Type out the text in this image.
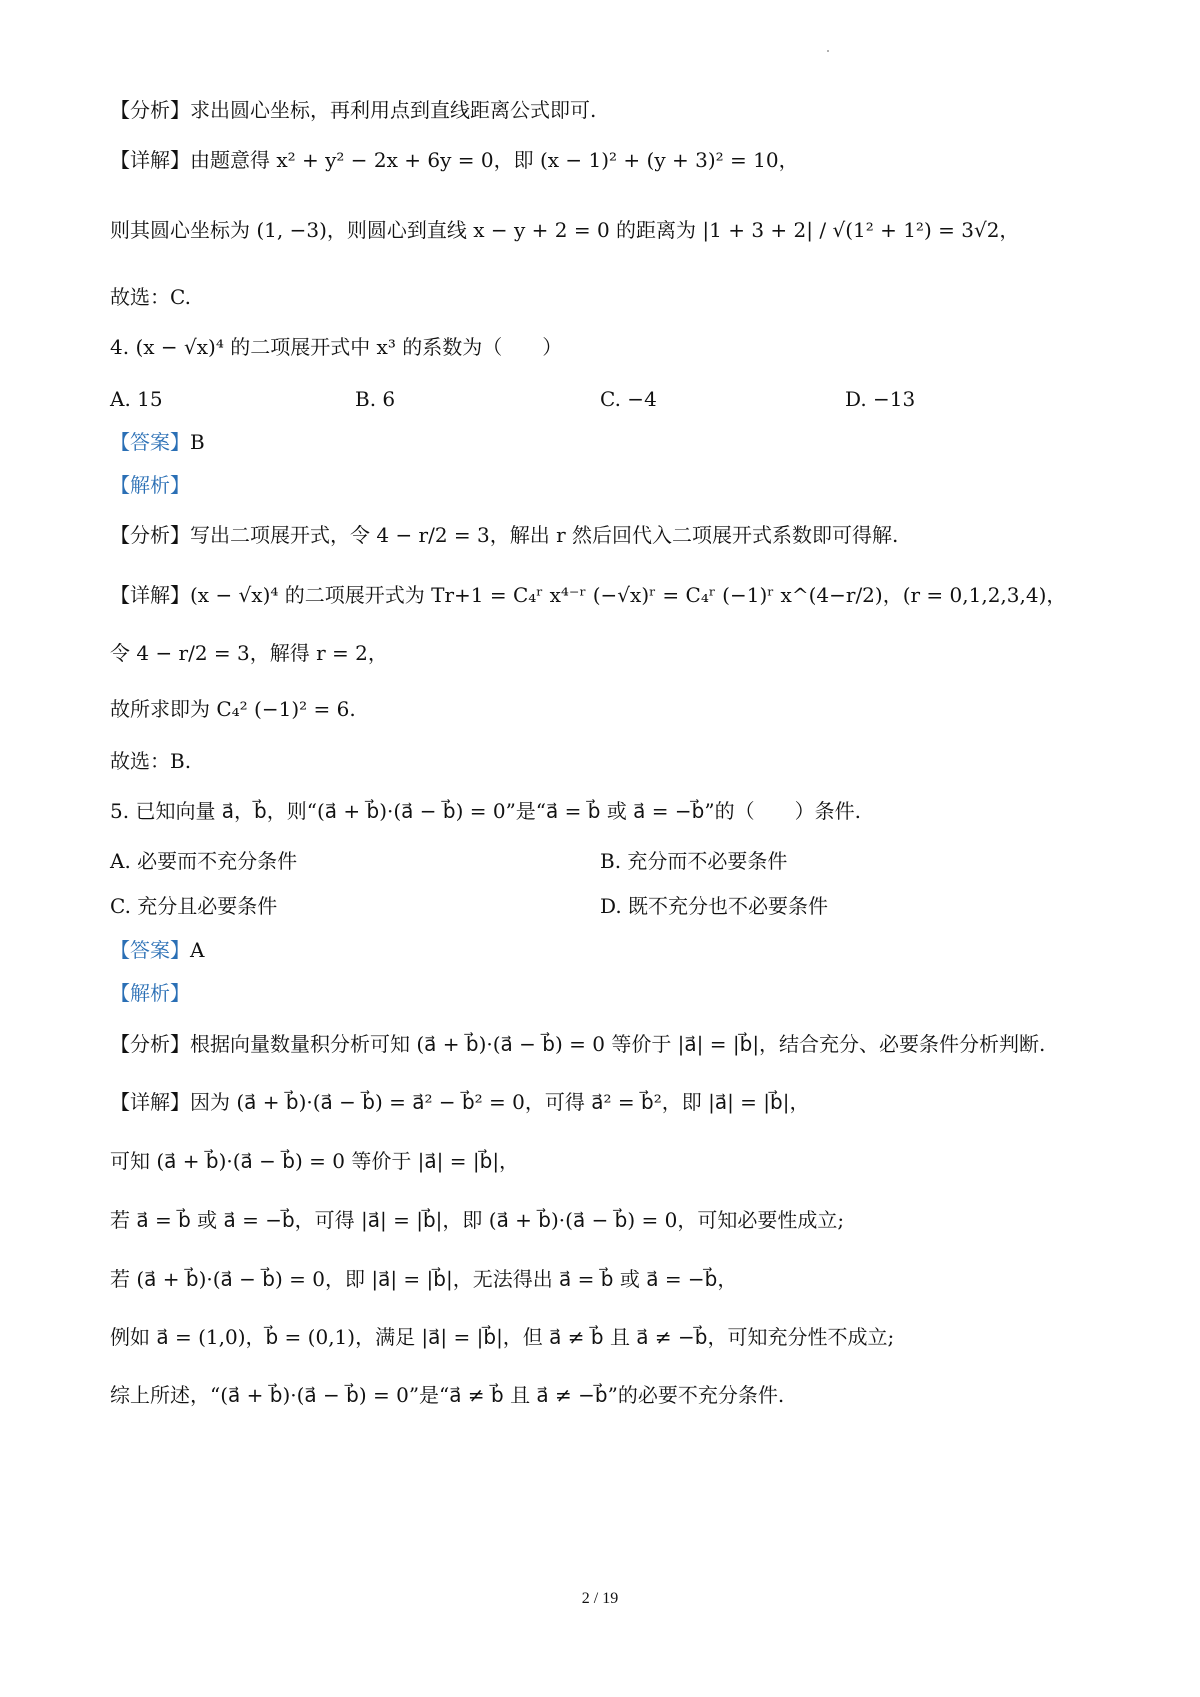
【分析】求出圆心坐标，再利用点到直线距离公式即可.
【详解】由题意得 x² + y² − 2x + 6y = 0，即 (x − 1)² + (y + 3)² = 10，
则其圆心坐标为 (1, −3)，则圆心到直线 x − y + 2 = 0 的距离为 |1 + 3 + 2| / √(1² + 1²) = 3√2，
故选：C.
4. (x − √x)⁴ 的二项展开式中 x³ 的系数为（　　）
A. 15	B. 6	C. −4	D. −13
【答案】B
【解析】
【分析】写出二项展开式，令 4 − r/2 = 3，解出 r 然后回代入二项展开式系数即可得解.
【详解】(x − √x)⁴ 的二项展开式为 Tr+1 = C₄ʳ x⁴⁻ʳ (−√x)ʳ = C₄ʳ (−1)ʳ x^(4−r/2)，(r = 0,1,2,3,4)，
令 4 − r/2 = 3，解得 r = 2，
故所求即为 C₄² (−1)² = 6.
故选：B.
5. 已知向量 a⃗，b⃗，则“(a⃗ + b⃗)·(a⃗ − b⃗) = 0”是“a⃗ = b⃗ 或 a⃗ = −b⃗”的（　　）条件.
A. 必要而不充分条件	B. 充分而不必要条件
C. 充分且必要条件	D. 既不充分也不必要条件
【答案】A
【解析】
【分析】根据向量数量积分析可知 (a⃗ + b⃗)·(a⃗ − b⃗) = 0 等价于 |a⃗| = |b⃗|，结合充分、必要条件分析判断.
【详解】因为 (a⃗ + b⃗)·(a⃗ − b⃗) = a⃗² − b⃗² = 0，可得 a⃗² = b⃗²，即 |a⃗| = |b⃗|，
可知 (a⃗ + b⃗)·(a⃗ − b⃗) = 0 等价于 |a⃗| = |b⃗|，
若 a⃗ = b⃗ 或 a⃗ = −b⃗，可得 |a⃗| = |b⃗|，即 (a⃗ + b⃗)·(a⃗ − b⃗) = 0，可知必要性成立;
若 (a⃗ + b⃗)·(a⃗ − b⃗) = 0，即 |a⃗| = |b⃗|，无法得出 a⃗ = b⃗ 或 a⃗ = −b⃗，
例如 a⃗ = (1,0)，b⃗ = (0,1)，满足 |a⃗| = |b⃗|，但 a⃗ ≠ b⃗ 且 a⃗ ≠ −b⃗，可知充分性不成立;
综上所述，“(a⃗ + b⃗)·(a⃗ − b⃗) = 0”是“a⃗ ≠ b⃗ 且 a⃗ ≠ −b⃗”的必要不充分条件.
2 / 19
